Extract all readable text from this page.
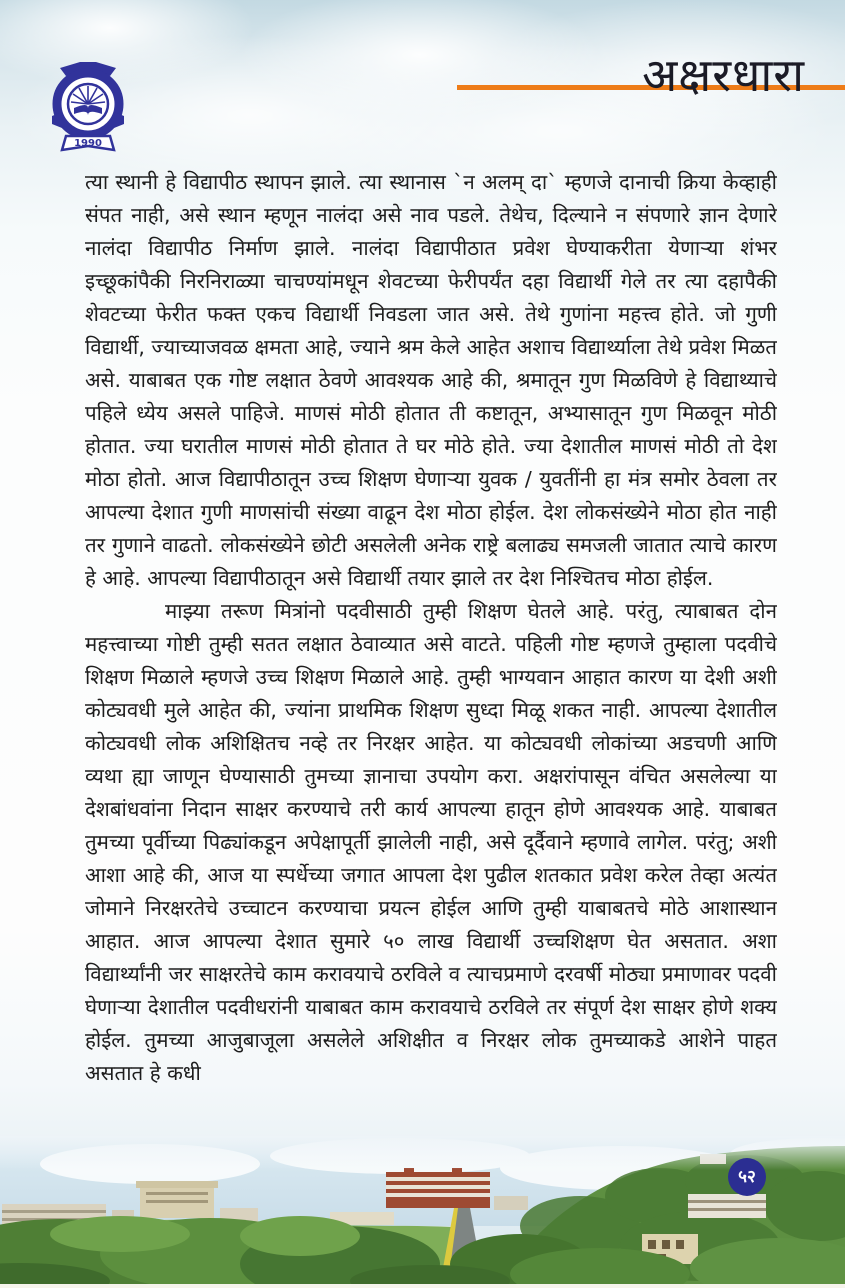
1990
अक्षरधारा

त्या स्थानी हे विद्यापीठ स्थापन झाले. त्या स्थानास `न अलम् दा` म्हणजे दानाची क्रिया केव्हाही संपत नाही, असे स्थान म्हणून नालंदा असे नाव पडले. तेथेच, दिल्याने न संपणारे ज्ञान देणारे नालंदा विद्यापीठ निर्माण झाले. नालंदा विद्यापीठात प्रवेश घेण्याकरीता येणाऱ्या शंभर इच्छूकांपैकी निरनिराळ्या चाचण्यांमधून शेवटच्या फेरीपर्यंत दहा विद्यार्थी गेले तर त्या दहापैकी शेवटच्या फेरीत फक्त एकच विद्यार्थी निवडला जात असे. तेथे गुणांना महत्त्व होते. जो गुणी विद्यार्थी, ज्याच्याजवळ क्षमता आहे, ज्याने श्रम केले आहेत अशाच विद्यार्थ्याला तेथे प्रवेश मिळत असे. याबाबत एक गोष्ट लक्षात ठेवणे आवश्यक आहे की, श्रमातून गुण मिळविणे हे विद्याथ्याचे पहिले ध्येय असले पाहिजे. माणसं मोठी होतात ती कष्टातून, अभ्यासातून गुण मिळवून मोठी होतात. ज्या घरातील माणसं मोठी होतात ते घर मोठे होते. ज्या देशातील माणसं मोठी तो देश मोठा होतो. आज विद्यापीठातून उच्च शिक्षण घेणाऱ्या युवक / युवतींनी हा मंत्र समोर ठेवला तर आपल्या देशात गुणी माणसांची संख्या वाढून देश मोठा होईल. देश लोकसंख्येने मोठा होत नाही तर गुणाने वाढतो. लोकसंख्येने छोटी असलेली अनेक राष्ट्रे बलाढ्य समजली जातात त्याचे कारण हे आहे. आपल्या विद्यापीठातून असे विद्यार्थी तयार झाले तर देश निश्चितच मोठा होईल.

माझ्या तरूण मित्रांनो पदवीसाठी तुम्ही शिक्षण घेतले आहे. परंतु, त्याबाबत दोन महत्त्वाच्या गोष्टी तुम्ही सतत लक्षात ठेवाव्यात असे वाटते. पहिली गोष्ट म्हणजे तुम्हाला पदवीचे शिक्षण मिळाले म्हणजे उच्च शिक्षण मिळाले आहे. तुम्ही भाग्यवान आहात कारण या देशी अशी कोट्यवधी मुले आहेत की, ज्यांना प्राथमिक शिक्षण सुध्दा मिळू शकत नाही. आपल्या देशातील कोट्यवधी लोक अशिक्षितच नव्हे तर निरक्षर आहेत. या कोट्यवधी लोकांच्या अडचणी आणि व्यथा ह्या जाणून घेण्यासाठी तुमच्या ज्ञानाचा उपयोग करा. अक्षरांपासून वंचित असलेल्या या देशबांधवांना निदान साक्षर करण्याचे तरी कार्य आपल्या हातून होणे आवश्यक आहे. याबाबत तुमच्या पूर्वीच्या पिढ्यांकडून अपेक्षापूर्ती झालेली नाही, असे दूर्दैवाने म्हणावे लागेल. परंतु; अशी आशा आहे की, आज या स्पर्धेच्या जगात आपला देश पुढील शतकात प्रवेश करेल तेव्हा अत्यंत जोमाने निरक्षरतेचे उच्चाटन करण्याचा प्रयत्न होईल आणि तुम्ही याबाबतचे मोठे आशास्थान आहात. आज आपल्या देशात सुमारे ५० लाख विद्यार्थी उच्चशिक्षण घेत असतात. अशा विद्यार्थ्यांनी जर साक्षरतेचे काम करावयाचे ठरविले व त्याचप्रमाणे दरवर्षी मोठ्या प्रमाणावर पदवी घेणाऱ्या देशातील पदवीधरांनी याबाबत काम करावयाचे ठरविले तर संपूर्ण देश साक्षर होणे शक्य होईल. तुमच्या आजुबाजूला असलेले अशिक्षीत व निरक्षर लोक तुमच्याकडे आशेने पाहत असतात हे कधी

५२
